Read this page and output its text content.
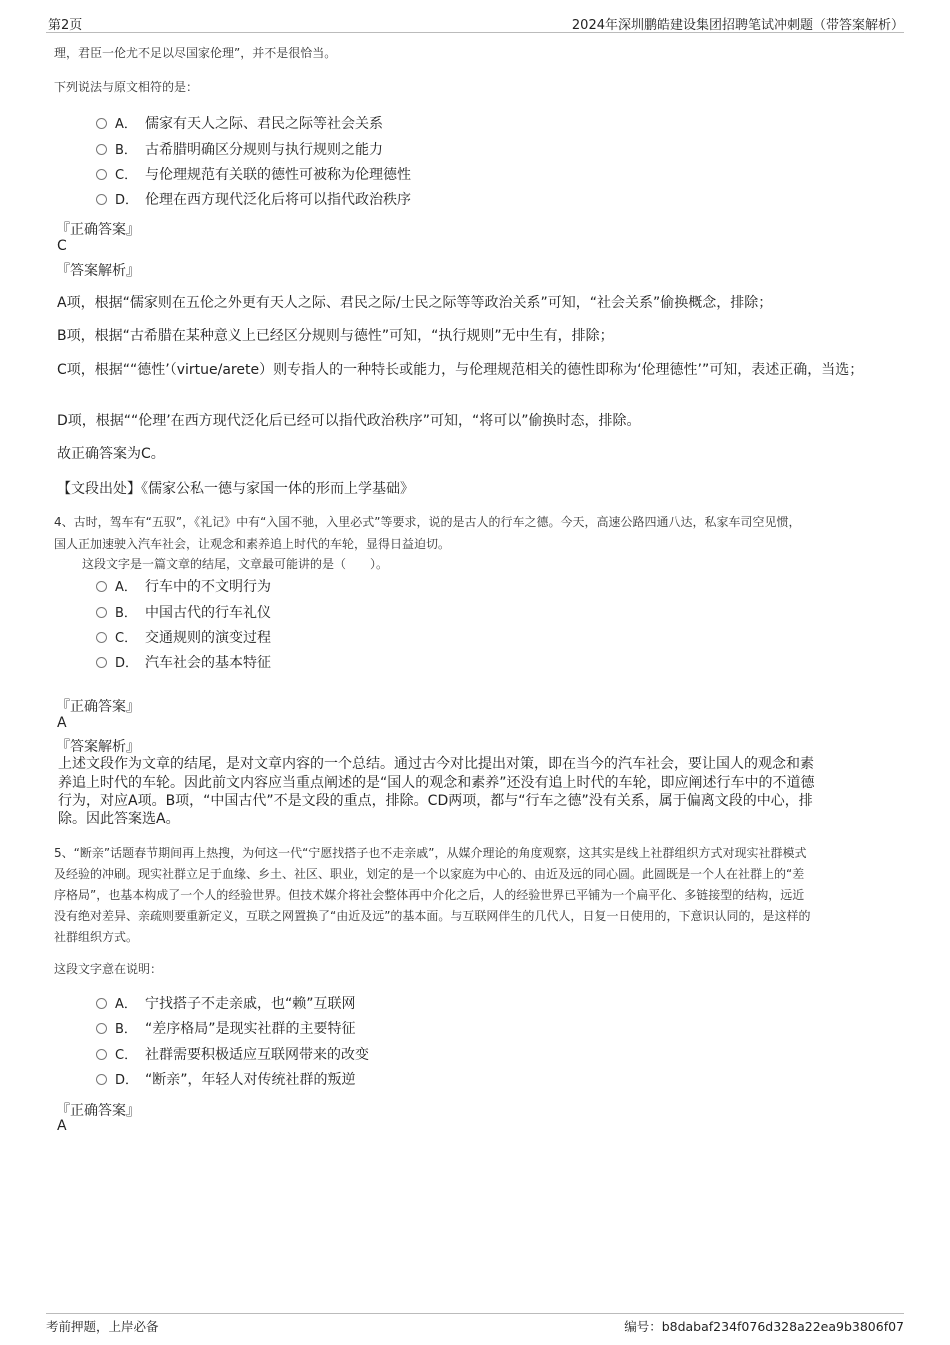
第2页	2024年深圳鹏皓建设集团招聘笔试冲刺题（带答案解析）
理，君臣一伦尤不足以尽国家伦理”，并不是很恰当。
下列说法与原文相符的是：
A． 儒家有天人之际、君民之际等社会关系
B． 古希腊明确区分规则与执行规则之能力
C． 与伦理规范有关联的德性可被称为伦理德性
D． 伦理在西方现代泛化后将可以指代政治秩序
『正确答案』
C
『答案解析』
A项，根据“儒家则在五伦之外更有天人之际、君民之际/士民之际等等政治关系”可知，“社会关系”偷换概念，排除；
B项，根据“古希腊在某种意义上已经区分规则与德性”可知，“执行规则”无中生有，排除；
C项，根据““德性’（virtue/arete）则专指人的一种特长或能力，与伦理规范相关的德性即称为‘伦理德性’”可知，表述正确，当选；
D项，根据““伦理’在西方现代泛化后已经可以指代政治秩序”可知，“将可以”偷换时态，排除。
故正确答案为C。
【文段出处】《儒家公私一德与家国一体的形而上学基础》
4、古时，驾车有“五驭”，《礼记》中有“入国不驰，入里必式”等要求，说的是古人的行车之德。今天，高速公路四通八达，私家车司空见惯，
国人正加速驶入汽车社会，让观念和素养追上时代的车轮，显得日益迫切。
这段文字是一篇文章的结尾，文章最可能讲的是（　　）。
A． 行车中的不文明行为
B． 中国古代的行车礼仪
C． 交通规则的演变过程
D． 汽车社会的基本特征
『正确答案』
A
『答案解析』
上述文段作为文章的结尾，是对文章内容的一个总结。通过古今对比提出对策，即在当今的汽车社会，要让国人的观念和素
养追上时代的车轮。因此前文内容应当重点阐述的是“国人的观念和素养”还没有追上时代的车轮，即应阐述行车中的不道德
行为，对应A项。B项，“中国古代”不是文段的重点，排除。CD两项，都与“行车之德”没有关系，属于偏离文段的中心，排
除。因此答案选A。
5、“断亲”话题春节期间再上热搜，为何这一代“宁愿找搭子也不走亲戚”，从媒介理论的角度观察，这其实是线上社群组织方式对现实社群模式
及经验的冲刷。现实社群立足于血缘、乡土、社区、职业，划定的是一个以家庭为中心的、由近及远的同心圆。此圆既是一个人在社群上的“差
序格局”，也基本构成了一个人的经验世界。但技术媒介将社会整体再中介化之后，人的经验世界已平铺为一个扁平化、多链接型的结构，远近
没有绝对差异、亲疏则要重新定义，互联之网置换了“由近及远”的基本面。与互联网伴生的几代人，日复一日使用的，下意识认同的，是这样的
社群组织方式。
这段文字意在说明：
A． 宁找搭子不走亲戚，也“赖”互联网
B． “差序格局”是现实社群的主要特征
C． 社群需要积极适应互联网带来的改变
D． “断亲”，年轻人对传统社群的叛逆
『正确答案』
A
考前押题，上岸必备	编号：b8dabaf234f076d328a22ea9b3806f07
